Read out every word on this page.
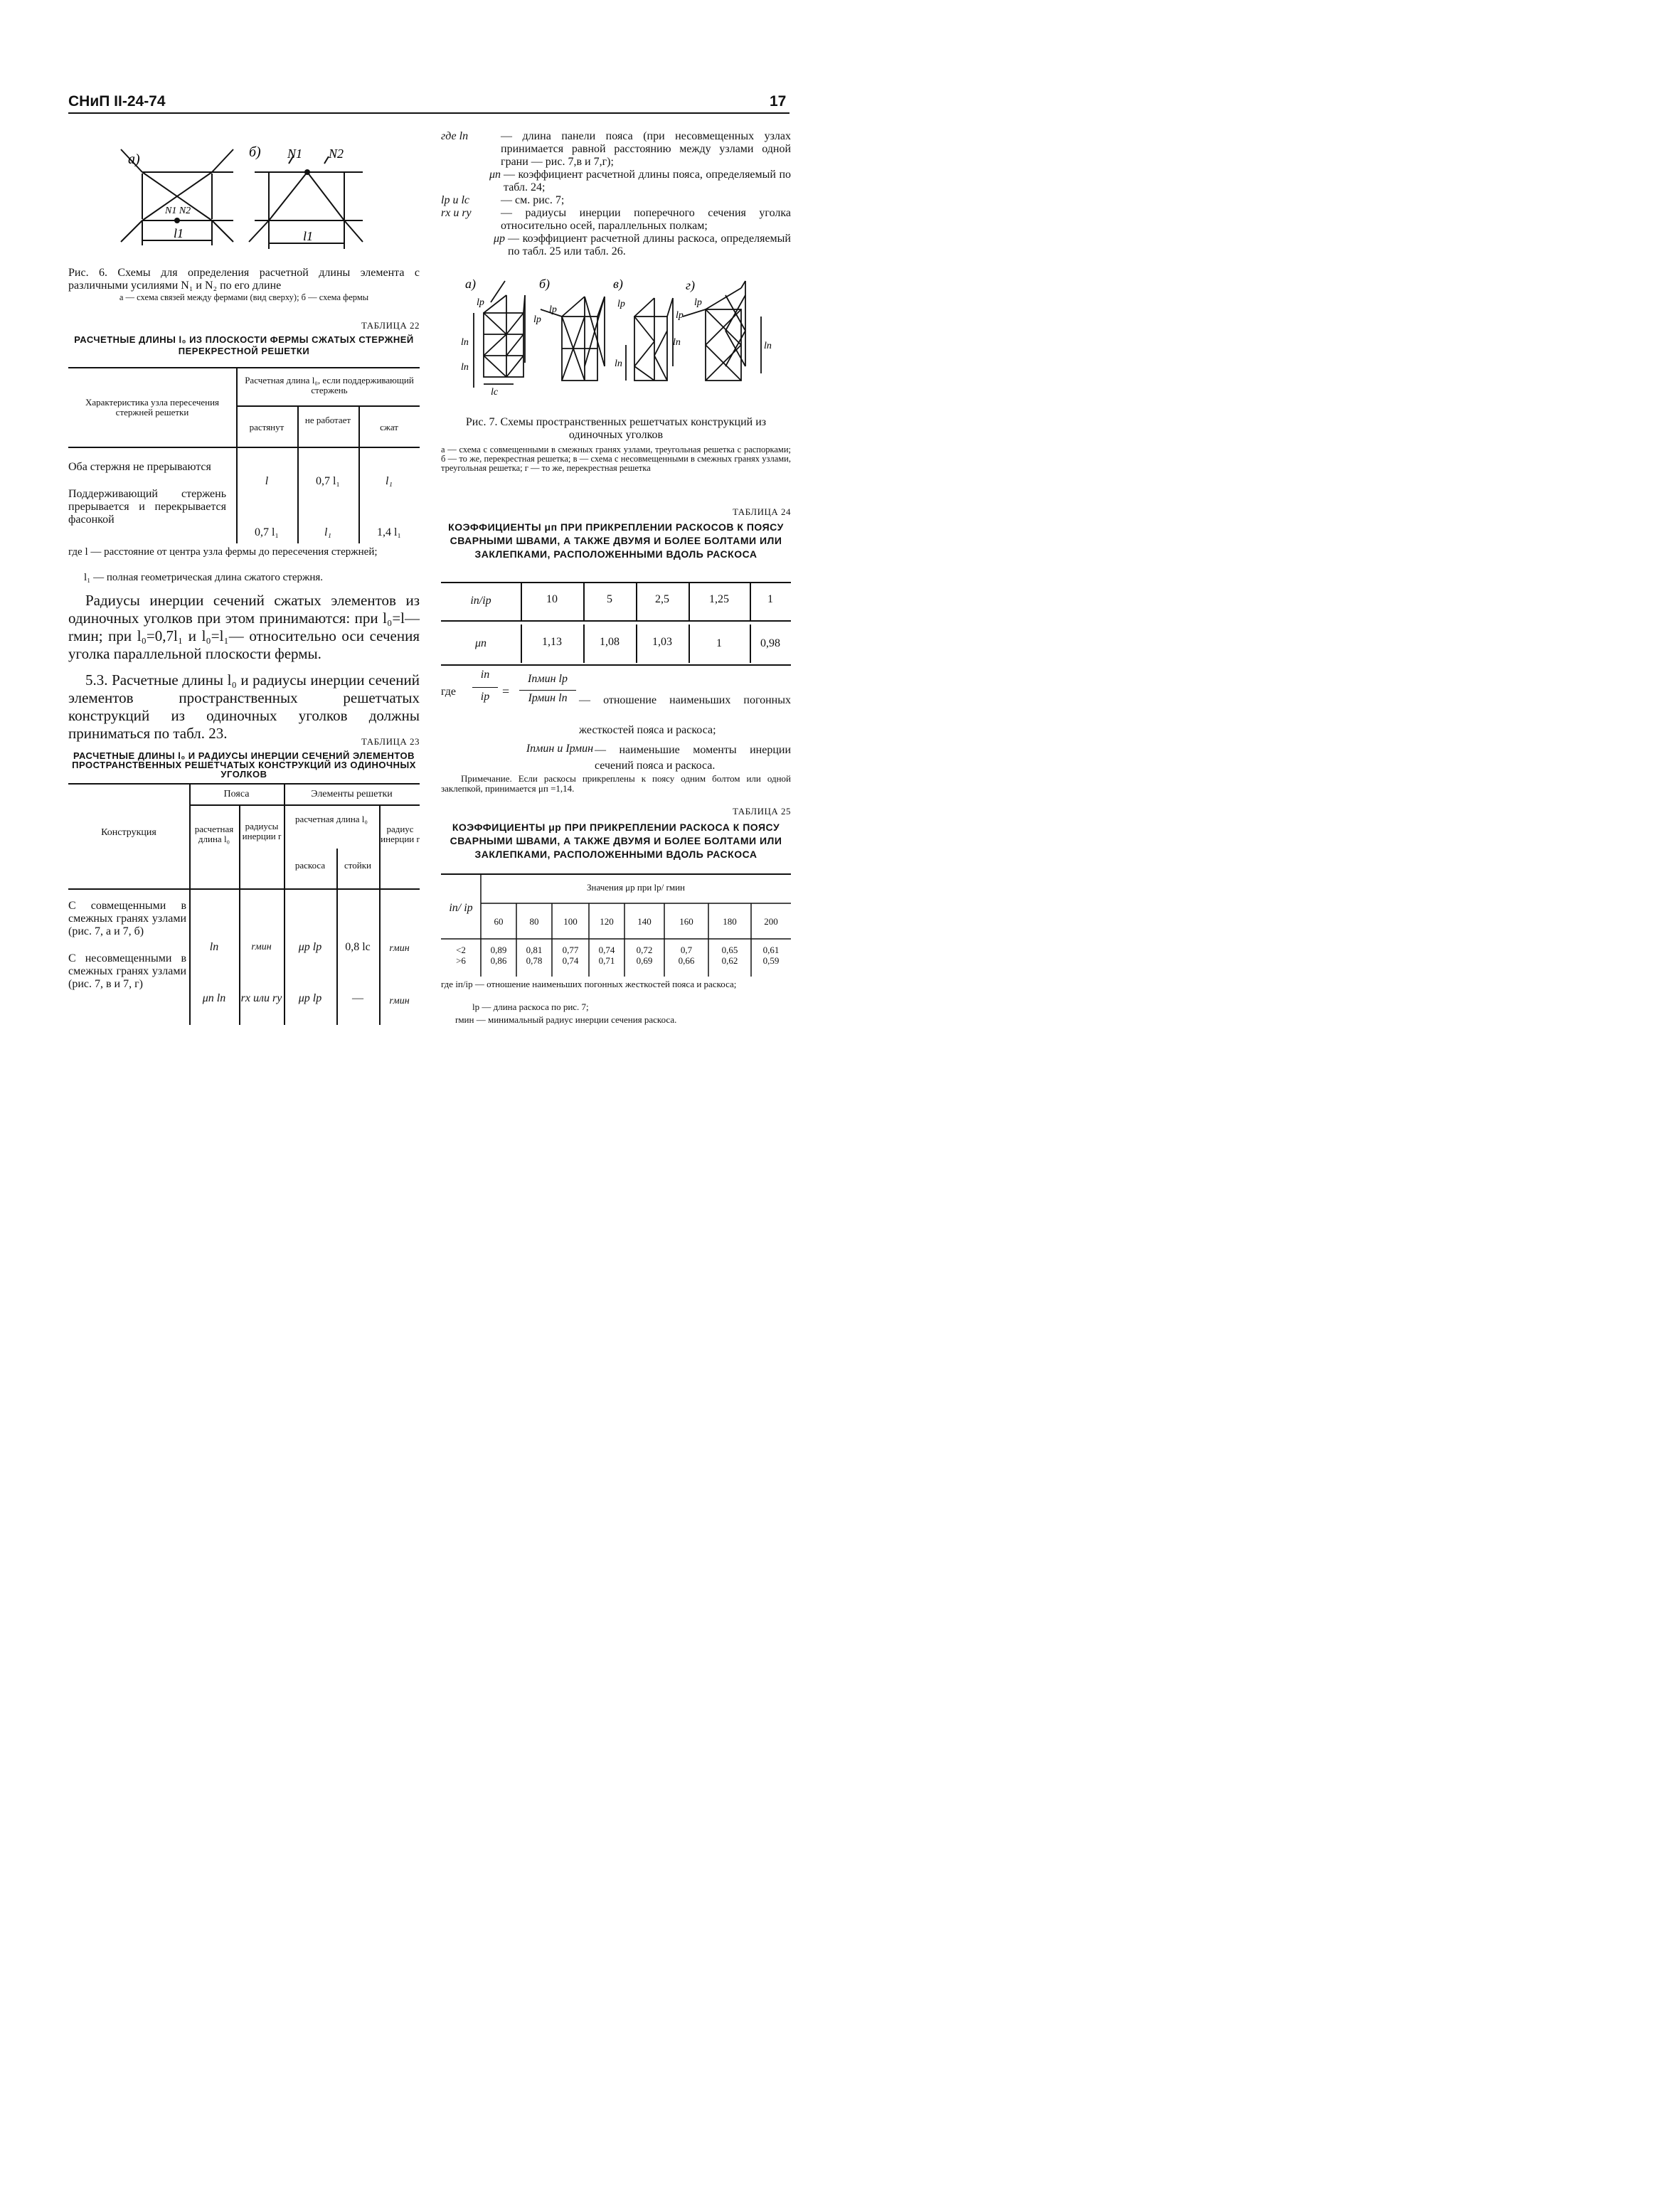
СНиП II-24-74	17
а)	б) N1 N2
N1 N2
l1	l1
Рис. 6. Схемы для определения расчетной длины элемента с различными усилиями N₁ и N₂ по его длине
а — схема связей между фермами (вид сверху); б — схема фермы
ТАБЛИЦА 22
РАСЧЕТНЫЕ ДЛИНЫ l₀ ИЗ ПЛОСКОСТИ ФЕРМЫ СЖАТЫХ СТЕРЖНЕЙ ПЕРЕКРЕСТНОЙ РЕШЕТКИ
Характеристика узла пересечения стержней решетки
Расчетная длина l₀, если поддерживающий стержень
растянут
не работает
сжат
Оба стержня не прерываются
l	0,7 l₁	l₁
Поддерживающий стержень прерывается и перекрывается фасонкой
0,7 l₁	l₁	1,4 l₁
где l — расстояние от центра узла фермы до пересечения стержней;
l₁ — полная геометрическая длина сжатого стержня.
Радиусы инерции сечений сжатых элементов из одиночных уголков при этом принимаются: при l₀=l—rмин; при l₀=0,7l₁ и l₀=l₁— относительно оси сечения уголка параллельной плоскости фермы.
5.3. Расчетные длины l₀ и радиусы инерции сечений элементов пространственных решетчатых конструкций из одиночных уголков должны приниматься по табл. 23.	ТАБЛИЦА 23
РАСЧЕТНЫЕ ДЛИНЫ l₀ И РАДИУСЫ ИНЕРЦИИ СЕЧЕНИЙ ЭЛЕМЕНТОВ ПРОСТРАНСТВЕННЫХ РЕШЕТЧАТЫХ КОНСТРУКЦИЙ ИЗ ОДИНОЧНЫХ УГОЛКОВ
Конструкция
Пояса	Элементы решетки
расчетная длина l₀
радиусы инерции r
расчетная длина l₀
раскоса	стойки
радиус инерции r
С совмещенными в смежных гранях узлами (рис. 7, а и 7, б)
lп	rмин	μр lр	0,8 lс	rмин
С несовмещенными в смежных гранях узлами (рис. 7, в и 7, г)
μп lп	rx или ry	μр lр	—	rмин
где lп	— длина панели пояса (при несовмещенных узлах принимается равной расстоянию между узлами одной грани — рис. 7,в и 7,г);
μп — коэффициент расчетной длины пояса, определяемый по табл. 24;
lр и lс	— см. рис. 7;
rx и ry	— радиусы инерции поперечного сечения уголка относительно осей, параллельных полкам;
μр — коэффициент расчетной длины раскоса, определяемый по табл. 25 или табл. 26.
а)	б)	в)	г)
lр
lп
lп
lс
lр
lр
lр
lп
lп
lр
lр
lп
Рис. 7. Схемы пространственных решетчатых конструкций из одиночных уголков
а — схема с совмещенными в смежных гранях узлами, треугольная решетка с распорками; б — то же, перекрестная решетка; в — схема с несовмещенными в смежных гранях узлами, треугольная решетка; г — то же, перекрестная решетка
ТАБЛИЦА 24
КОЭФФИЦИЕНТЫ μп ПРИ ПРИКРЕПЛЕНИИ РАСКОСОВ К ПОЯСУ СВАРНЫМИ ШВАМИ, А ТАКЖЕ ДВУМЯ И БОЛЕЕ БОЛТАМИ ИЛИ ЗАКЛЕПКАМИ, РАСПОЛОЖЕННЫМИ ВДОЛЬ РАСКОСА
iп/iр	10	5	2,5	1,25	1
μп	1,13	1,08	1,03	1	0,98
где
iп
iр =
Iпмин lр
Iрмин lп	— отношение наименьших погонных жесткостей пояса и раскоса;
Iпмин и Iрмин — наименьшие моменты инерции сечений пояса и раскоса.
Примечание. Если раскосы прикреплены к поясу одним болтом или одной заклепкой, принимается μп =1,14.
ТАБЛИЦА 25
КОЭФФИЦИЕНТЫ μр ПРИ ПРИКРЕПЛЕНИИ РАСКОСА К ПОЯСУ СВАРНЫМИ ШВАМИ, А ТАКЖЕ ДВУМЯ И БОЛЕЕ БОЛТАМИ ИЛИ ЗАКЛЕПКАМИ, РАСПОЛОЖЕННЫМИ ВДОЛЬ РАСКОСА
iп/ iр
Значения μр при lр/ rмин
60	80	100	120	140	160	180	200
<2	0,89	0,81	0,77	0,74	0,72	0,7	0,65	0,61
>6	0,86	0,78	0,74	0,71	0,69	0,66	0,62	0,59
где iп/iр — отношение наименьших погонных жесткостей пояса и раскоса;
lр — длина раскоса по рис. 7;
rмин — минимальный радиус инерции сечения раскоса.
